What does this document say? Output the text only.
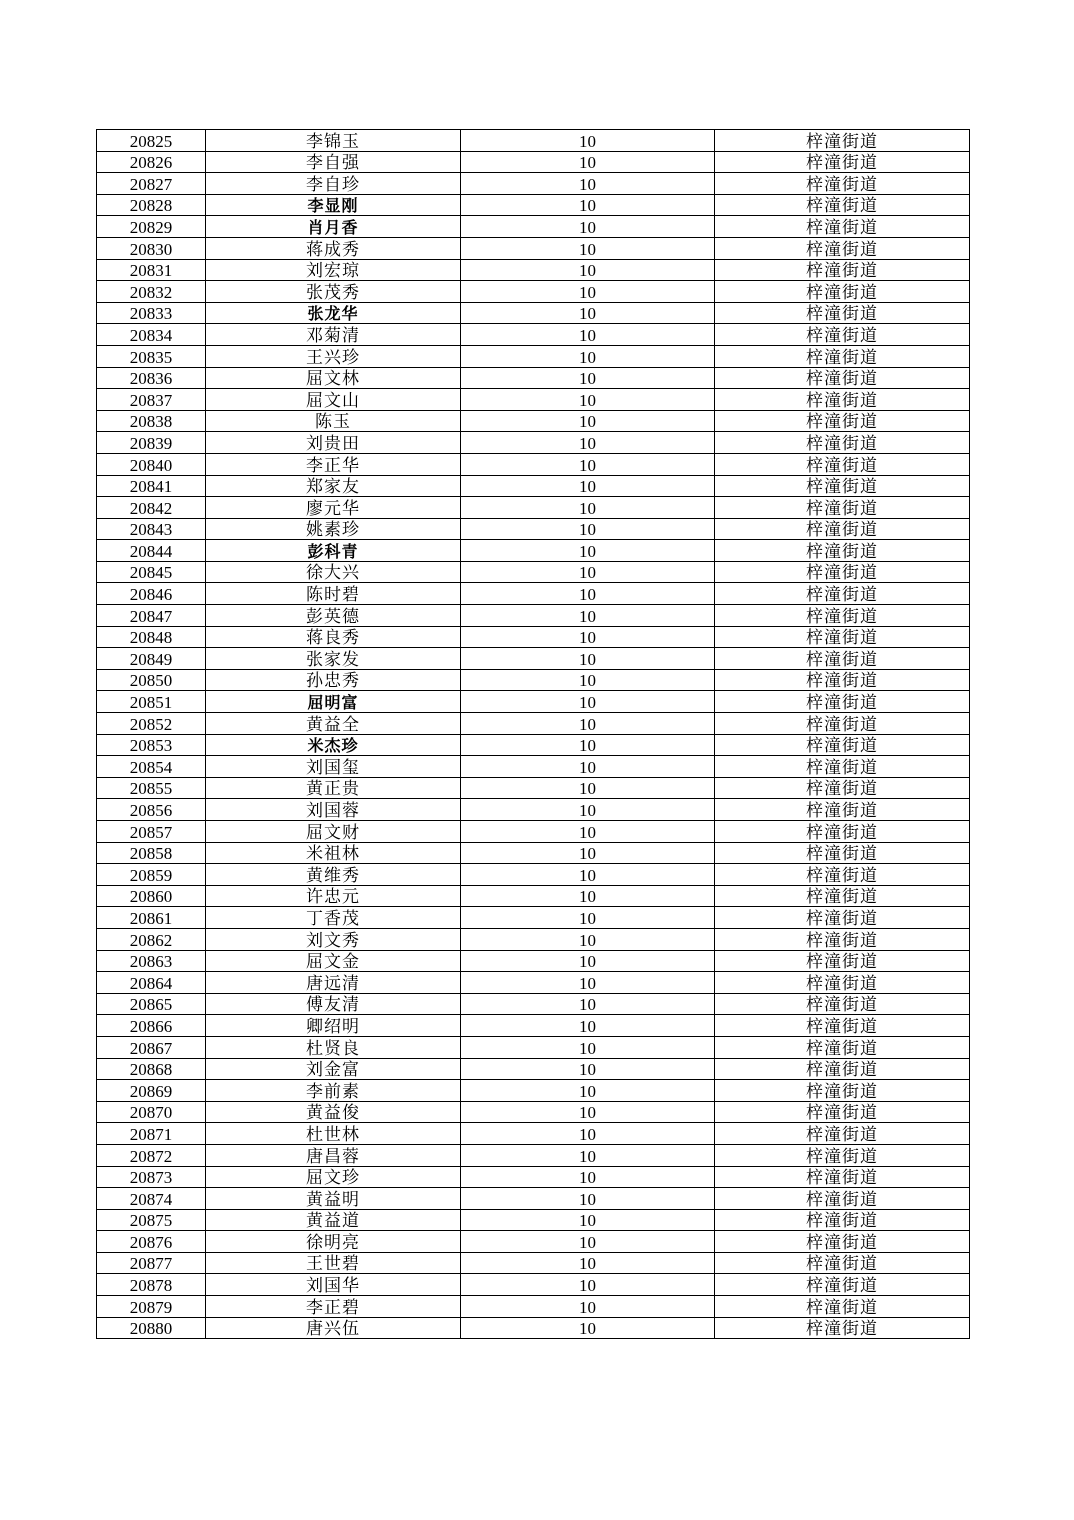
20825	李锦玉	10	梓潼街道
20826	李自强	10	梓潼街道
20827	李自珍	10	梓潼街道
20828	李显刚	10	梓潼街道
20829	肖月香	10	梓潼街道
20830	蒋成秀	10	梓潼街道
20831	刘宏琼	10	梓潼街道
20832	张茂秀	10	梓潼街道
20833	张龙华	10	梓潼街道
20834	邓菊清	10	梓潼街道
20835	王兴珍	10	梓潼街道
20836	屈文林	10	梓潼街道
20837	屈文山	10	梓潼街道
20838	陈玉	10	梓潼街道
20839	刘贵田	10	梓潼街道
20840	李正华	10	梓潼街道
20841	郑家友	10	梓潼街道
20842	廖元华	10	梓潼街道
20843	姚素珍	10	梓潼街道
20844	彭科青	10	梓潼街道
20845	徐大兴	10	梓潼街道
20846	陈时碧	10	梓潼街道
20847	彭英德	10	梓潼街道
20848	蒋良秀	10	梓潼街道
20849	张家发	10	梓潼街道
20850	孙忠秀	10	梓潼街道
20851	屈明富	10	梓潼街道
20852	黄益全	10	梓潼街道
20853	米杰珍	10	梓潼街道
20854	刘国玺	10	梓潼街道
20855	黄正贵	10	梓潼街道
20856	刘国蓉	10	梓潼街道
20857	屈文财	10	梓潼街道
20858	米祖林	10	梓潼街道
20859	黄维秀	10	梓潼街道
20860	许忠元	10	梓潼街道
20861	丁香茂	10	梓潼街道
20862	刘文秀	10	梓潼街道
20863	屈文金	10	梓潼街道
20864	唐远清	10	梓潼街道
20865	傅友清	10	梓潼街道
20866	卿绍明	10	梓潼街道
20867	杜贤良	10	梓潼街道
20868	刘金富	10	梓潼街道
20869	李前素	10	梓潼街道
20870	黄益俊	10	梓潼街道
20871	杜世林	10	梓潼街道
20872	唐昌蓉	10	梓潼街道
20873	屈文珍	10	梓潼街道
20874	黄益明	10	梓潼街道
20875	黄益道	10	梓潼街道
20876	徐明亮	10	梓潼街道
20877	王世碧	10	梓潼街道
20878	刘国华	10	梓潼街道
20879	李正碧	10	梓潼街道
20880	唐兴伍	10	梓潼街道
